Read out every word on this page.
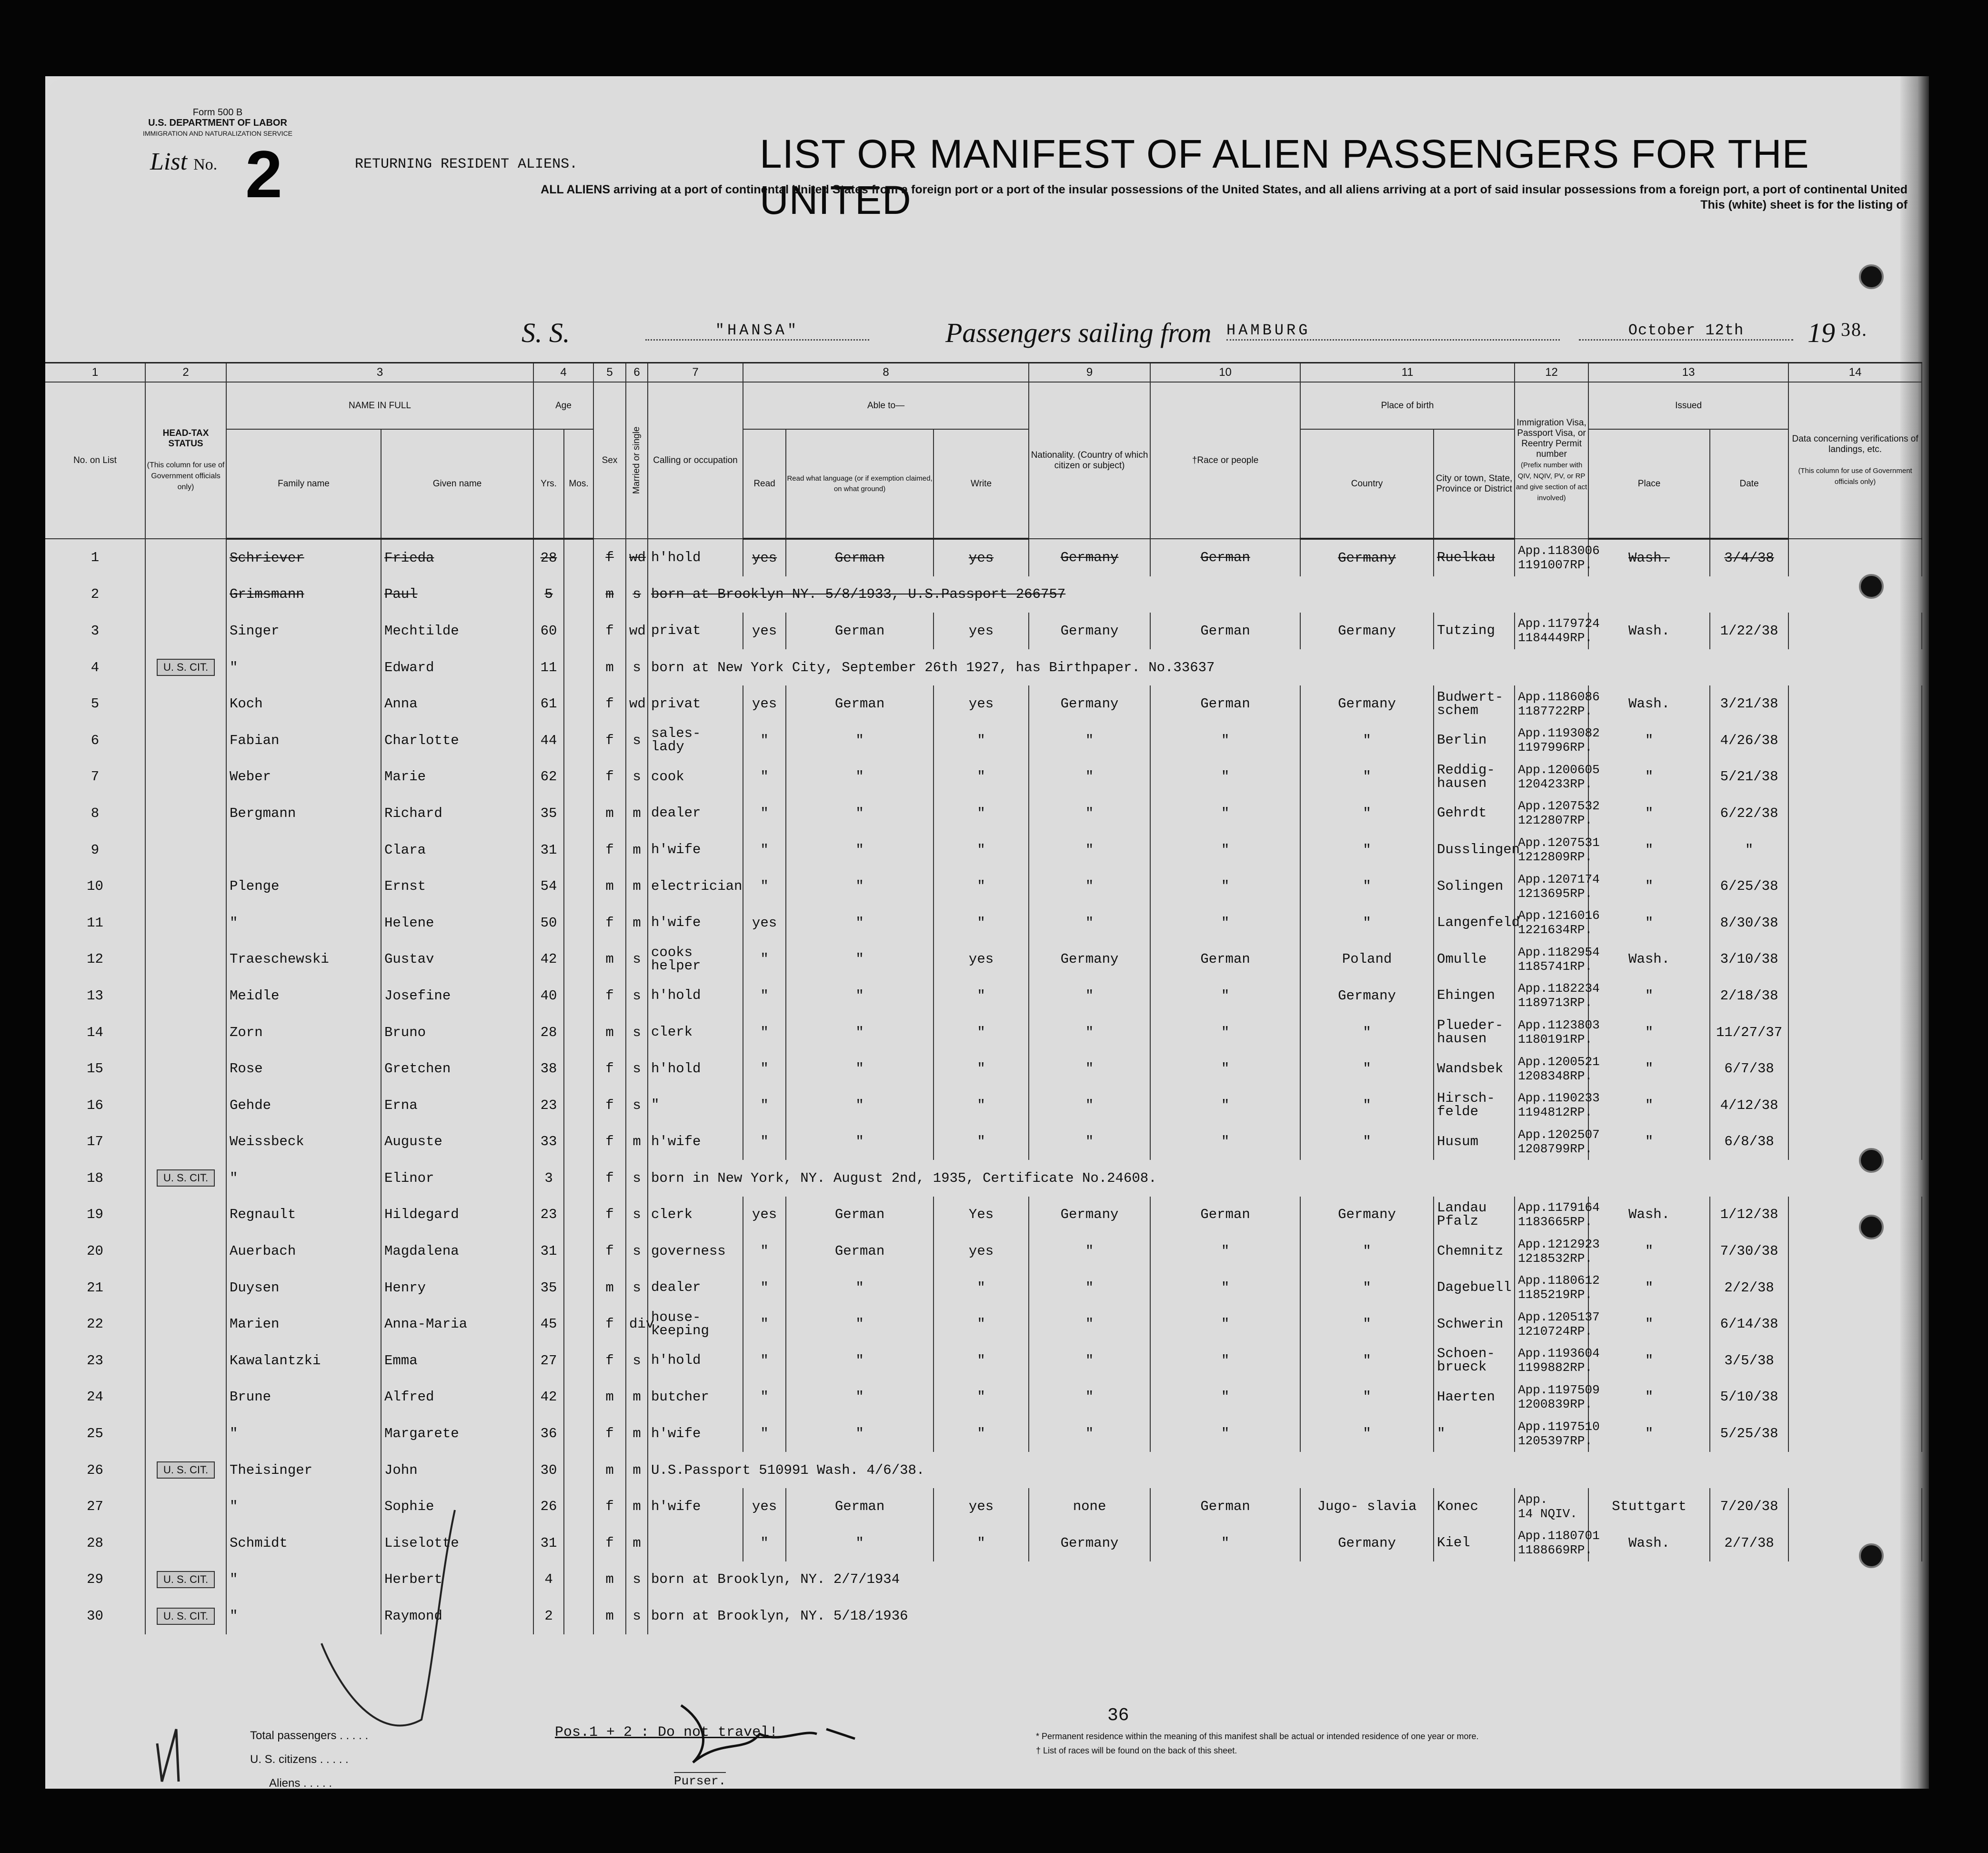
Form 500 B
U.S. DEPARTMENT OF LABOR
IMMIGRATION AND NATURALIZATION SERVICE
List No. 2	RETURNING RESIDENT ALIENS.	LIST OR MANIFEST OF ALIEN PASSENGERS FOR THE UNITED
ALL ALIENS arriving at a port of continental United States from a foreign port or a port of the insular possessions of the United States, and all aliens arriving at a port of said insular possessions from a foreign port, a port of continental United
This (white) sheet is for the listing of
S. S.	"HANSA"	Passengers sailing from HAMBURG	October 12th	19 38.
1	2	3		4		5	6	7	8			9	10	11		12	13		14	
No. on List	HEAD-TAX STATUS

(This column for use of Government officials only)	NAME IN FULL		Age		Sex	Married or single	Calling or occupation	Able to—			Nationality. (Country of which citizen or subject)	†Race or people	Place of birth		Immigration Visa, Passport Visa, or Reentry Permit number
(Prefix number with QIV, NQIV, PV, or RP and give section of act involved)	Issued		Data concerning verifications of landings, etc.

(This column for use of Government officials only)	
		Family name	Given name	Yrs.	Mos.				Read	Read what language (or if exemption claimed, on what ground)	Write			Country	City or town, State, Province or District		Place	Date		
1		Schriever	Frieda	28		f	wd	h'hold	yes	German	yes	Germany	German	Germany	Ruelkau	App.1183006
1191007RP.	Wash.	3/4/38			

2		Grimsmann	Paul	5		m	s	born at Brooklyn NY. 5/8/1933, U.S.Passport 266757												
3		Singer	Mechtilde	60		f	wd	privat	yes	German	yes	Germany	German	Germany	Tutzing	App.1179724
1184449RP.	Wash.	1/22/38			

4	U. S. CIT.	"	Edward	11		m	s	born at New York City, September 26th 1927, has Birthpaper. No.33637												
5		Koch	Anna	61		f	wd	privat	yes	German	yes	Germany	German	Germany	Budwert- schem	App.1186086
1187722RP.	Wash.	3/21/38			

6		Fabian	Charlotte	44		f	s	sales- lady	"	"	"	"	"	"	Berlin	App.1193082
1197996RP.	"	4/26/38			

7		Weber	Marie	62		f	s	cook	"	"	"	"	"	"	Reddig- hausen	App.1200605
1204233RP.	"	5/21/38			

8		Bergmann	Richard	35		m	m	dealer	"	"	"	"	"	"	Gehrdt	App.1207532
1212807RP.	"	6/22/38			

9			Clara	31		f	m	h'wife	"	"	"	"	"	"	Dusslingen	App.1207531
1212809RP.	"	"			

10		Plenge	Ernst	54		m	m	electrician	"	"	"	"	"	"	Solingen	App.1207174
1213695RP.	"	6/25/38			

11		"	Helene	50		f	m	h'wife	yes	"	"	"	"	"	Langenfeld	App.1216016
1221634RP.	"	8/30/38			

12		Traeschewski	Gustav	42		m	s	cooks helper	"	"	yes	Germany	German	Poland	Omulle	App.1182954
1185741RP.	Wash.	3/10/38			

13		Meidle	Josefine	40		f	s	h'hold	"	"	"	"	"	Germany	Ehingen	App.1182234
1189713RP.	"	2/18/38			

14		Zorn	Bruno	28		m	s	clerk	"	"	"	"	"	"	Plueder- hausen	App.1123803
1180191RP.	"	11/27/37			

15		Rose	Gretchen	38		f	s	h'hold	"	"	"	"	"	"	Wandsbek	App.1200521
1208348RP.	"	6/7/38			

16		Gehde	Erna	23		f	s	"	"	"	"	"	"	"	Hirsch- felde	App.1190233
1194812RP.	"	4/12/38			

17		Weissbeck	Auguste	33		f	m	h'wife	"	"	"	"	"	"	Husum	App.1202507
1208799RP.	"	6/8/38			

18	U. S. CIT.	"	Elinor	3		f	s	born in New York, NY. August 2nd, 1935, Certificate No.24608.												
19		Regnault	Hildegard	23		f	s	clerk	yes	German	Yes	Germany	German	Germany	Landau Pfalz	App.1179164
1183665RP.	Wash.	1/12/38			

20		Auerbach	Magdalena	31		f	s	governess	"	German	yes	"	"	"	Chemnitz	App.1212923
1218532RP.	"	7/30/38			

21		Duysen	Henry	35		m	s	dealer	"	"	"	"	"	"	Dagebuell	App.1180612
1185219RP.	"	2/2/38			

22		Marien	Anna-Maria	45		f	div.	house- keeping	"	"	"	"	"	"	Schwerin	App.1205137
1210724RP.	"	6/14/38			

23		Kawalantzki	Emma	27		f	s	h'hold	"	"	"	"	"	"	Schoen- brueck	App.1193604
1199882RP.	"	3/5/38			

24		Brune	Alfred	42		m	m	butcher	"	"	"	"	"	"	Haerten	App.1197509
1200839RP.	"	5/10/38			

25		"	Margarete	36		f	m	h'wife	"	"	"	"	"	"	"	App.1197510
1205397RP.	"	5/25/38			

26	U. S. CIT.	Theisinger	John	30		m	m	U.S.Passport 510991 Wash. 4/6/38.												
27		"	Sophie	26		f	m	h'wife	yes	German	yes	none	German	Jugo- slavia	Konec	App.
14 NQIV.	Stuttgart	7/20/38			

28		Schmidt	Liselotte	31		f	m		"	"	"	Germany	"	Germany	Kiel	App.1180701
1188669RP.	Wash.	2/7/38			

29	U. S. CIT.	"	Herbert	4		m	s	born at Brooklyn, NY. 2/7/1934												
30	U. S. CIT.	"	Raymond	2		m	s	born at Brooklyn, NY. 5/18/1936												
36
Total passengers . . . . .
U. S. citizens . . . . .
Aliens . . . . .
Pos.1 + 2 : Do not travel!
Purser.
* Permanent residence within the meaning of this manifest shall be actual or intended residence of one year or more.
† List of races will be found on the back of this sheet.
